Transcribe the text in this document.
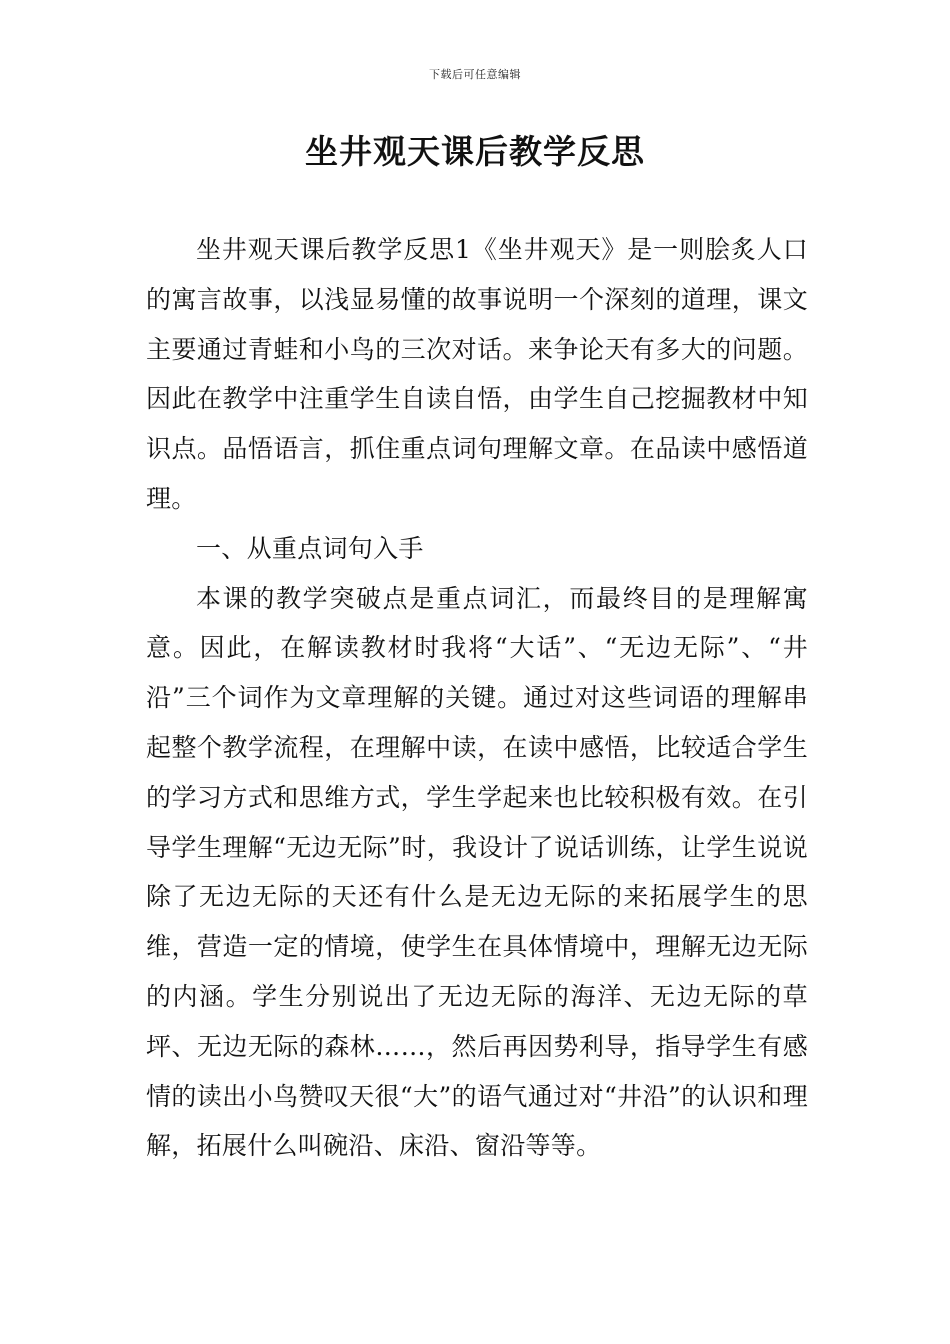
下载后可任意编辑
坐井观天课后教学反思

坐井观天课后教学反思1《坐井观天》是一则脍炙人口的寓言故事，以浅显易懂的故事说明一个深刻的道理，课文主要通过青蛙和小鸟的三次对话。来争论天有多大的问题。因此在教学中注重学生自读自悟，由学生自己挖掘教材中知识点。品悟语言，抓住重点词句理解文章。在品读中感悟道理。

一、从重点词句入手

本课的教学突破点是重点词汇，而最终目的是理解寓意。因此，在解读教材时我将“大话”、“无边无际”、“井沿”三个词作为文章理解的关键。通过对这些词语的理解串起整个教学流程，在理解中读，在读中感悟，比较适合学生的学习方式和思维方式，学生学起来也比较积极有效。在引导学生理解“无边无际”时，我设计了说话训练，让学生说说除了无边无际的天还有什么是无边无际的来拓展学生的思维，营造一定的情境，使学生在具体情境中，理解无边无际的内涵。学生分别说出了无边无际的海洋、无边无际的草坪、无边无际的森林……，然后再因势利导，指导学生有感情的读出小鸟赞叹天很“大”的语气通过对“井沿”的认识和理解，拓展什么叫碗沿、床沿、窗沿等等。
